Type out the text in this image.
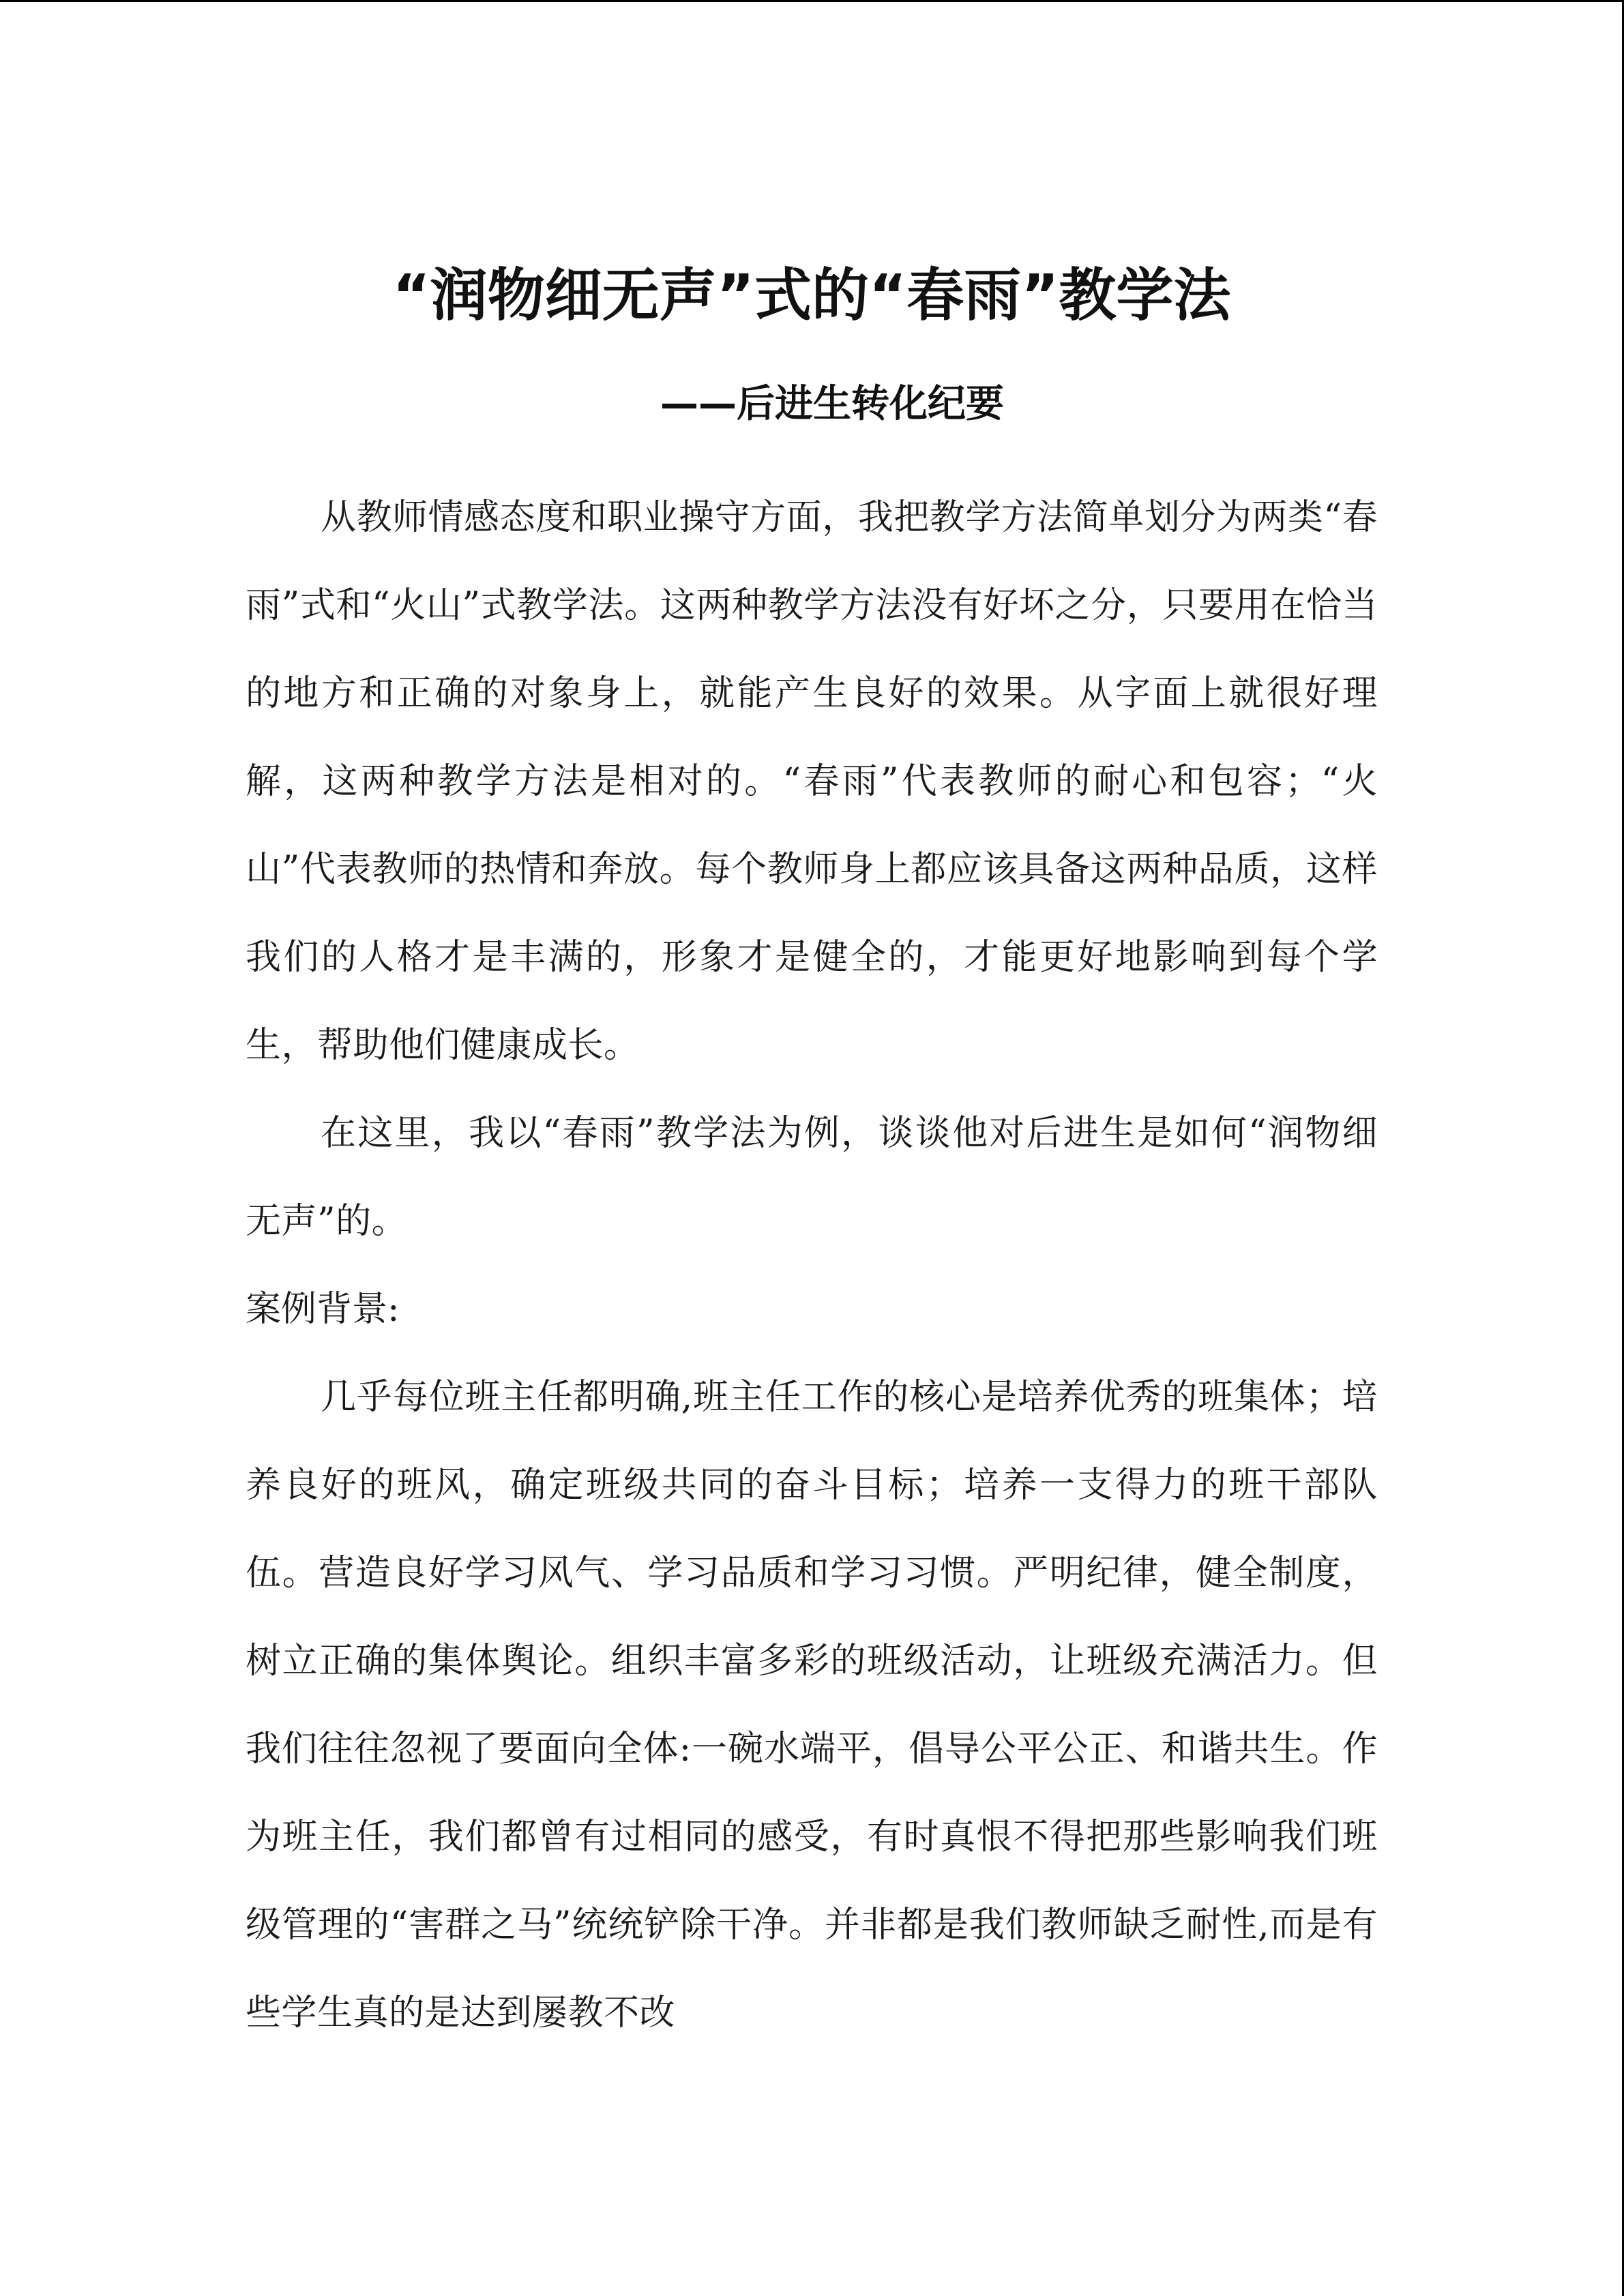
“润物细无声”式的“春雨”教学法
——后进生转化纪要

从教师情感态度和职业操守方面，我把教学方法简单划分为两类“春雨”式和“火山”式教学法。这两种教学方法没有好坏之分，只要用在恰当的地方和正确的对象身上，就能产生良好的效果。从字面上就很好理解，这两种教学方法是相对的。“春雨”代表教师的耐心和包容；“火山”代表教师的热情和奔放。每个教师身上都应该具备这两种品质，这样我们的人格才是丰满的，形象才是健全的，才能更好地影响到每个学生，帮助他们健康成长。

在这里，我以“春雨”教学法为例，谈谈他对后进生是如何“润物细无声”的。

案例背景:

几乎每位班主任都明确,班主任工作的核心是培养优秀的班集体；培养良好的班风，确定班级共同的奋斗目标；培养一支得力的班干部队伍。营造良好学习风气、学习品质和学习习惯。严明纪律，健全制度，树立正确的集体舆论。组织丰富多彩的班级活动，让班级充满活力。但我们往往忽视了要面向全体:一碗水端平，倡导公平公正、和谐共生。作为班主任，我们都曾有过相同的感受，有时真恨不得把那些影响我们班级管理的“害群之马”统统铲除干净。并非都是我们教师缺乏耐性,而是有些学生真的是达到屡教不改
